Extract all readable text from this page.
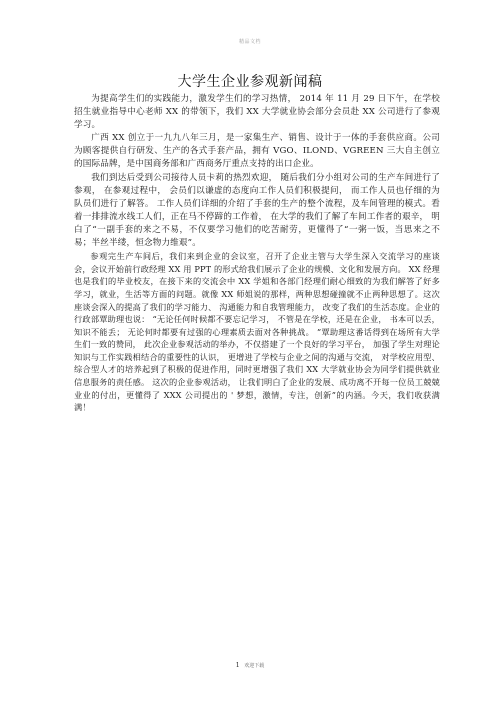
精品文档
大学生企业参观新闻稿

为提高学生们的实践能力，激发学生们的学习热情， 2014 年 11 月 29 日下午，在学校招生就业指导中心老师 XX 的带领下，我们 XX 大学就业协会部分会员赴 XX 公司进行了参观学习。

广西 XX 创立于一九九八年三月，是一家集生产、销售、设计于一体的手套供应商。公司为顾客提供自行研发、生产的各式手套产品，拥有 VGO、ILOND、VGREEN 三大自主创立的国际品牌，是中国商务部和广西商务厅重点支持的出口企业。

我们到达后受到公司接待人员卡莉的热烈欢迎， 随后我们分小组对公司的生产车间进行了参观， 在参观过程中， 会员们以谦虚的态度向工作人员们积极提问， 而工作人员也仔细的为队员们进行了解答。 工作人员们详细的介绍了手套的生产的整个流程，及车间管理的模式。看着一排排流水线工人们，正在马不停蹄的工作着， 在大学的我们了解了车间工作者的艰辛， 明白了“一副手套的来之不易，不仅要学习他们的吃苦耐劳，更懂得了“一粥一饭，当思来之不易；半丝半缕，恒念物力维艰”。

参观完生产车间后，我们来到企业的会议室，召开了企业主管与大学生深入交流学习的座谈会，会议开始前行政经理 XX 用 PPT 的形式给我们展示了企业的规模、文化和发展方向。 XX 经理也是我们的毕业校友，在接下来的交流会中 XX 学姐和各部门经理们耐心细致的为我们解答了好多学习，就业，生活等方面的问题。就像 XX 师姐说的那样，两种思想碰撞就不止两种思想了。这次座谈会深入的提高了我们的学习能力、 沟通能力和自我管理能力， 改变了我们的生活态度。企业的行政部覃助理也说： “无论任何时候都不要忘记学习， 不管是在学校，还是在企业， 书本可以丢， 知识不能丢； 无论何时都要有过强的心理素质去面对各种挑战。 ”覃助理这番话得到在场所有大学生们一致的赞同， 此次企业参观活动的举办，不仅搭建了一个良好的学习平台， 加强了学生对理论知识与工作实践相结合的重要性的认识， 更增进了学校与企业之间的沟通与交流， 对学校应用型、综合型人才的培养起到了积极的促进作用，同时更增强了我们 XX 大学就业协会为同学们提供就业信息服务的责任感。 这次的企业参观活动， 让我们明白了企业的发展、成功离不开每一位员工兢兢业业的付出，更懂得了 XXX 公司提出的 ' 梦想，激情，专注，创新”的内涵。今天，我们收获满满！

1 欢迎下载
